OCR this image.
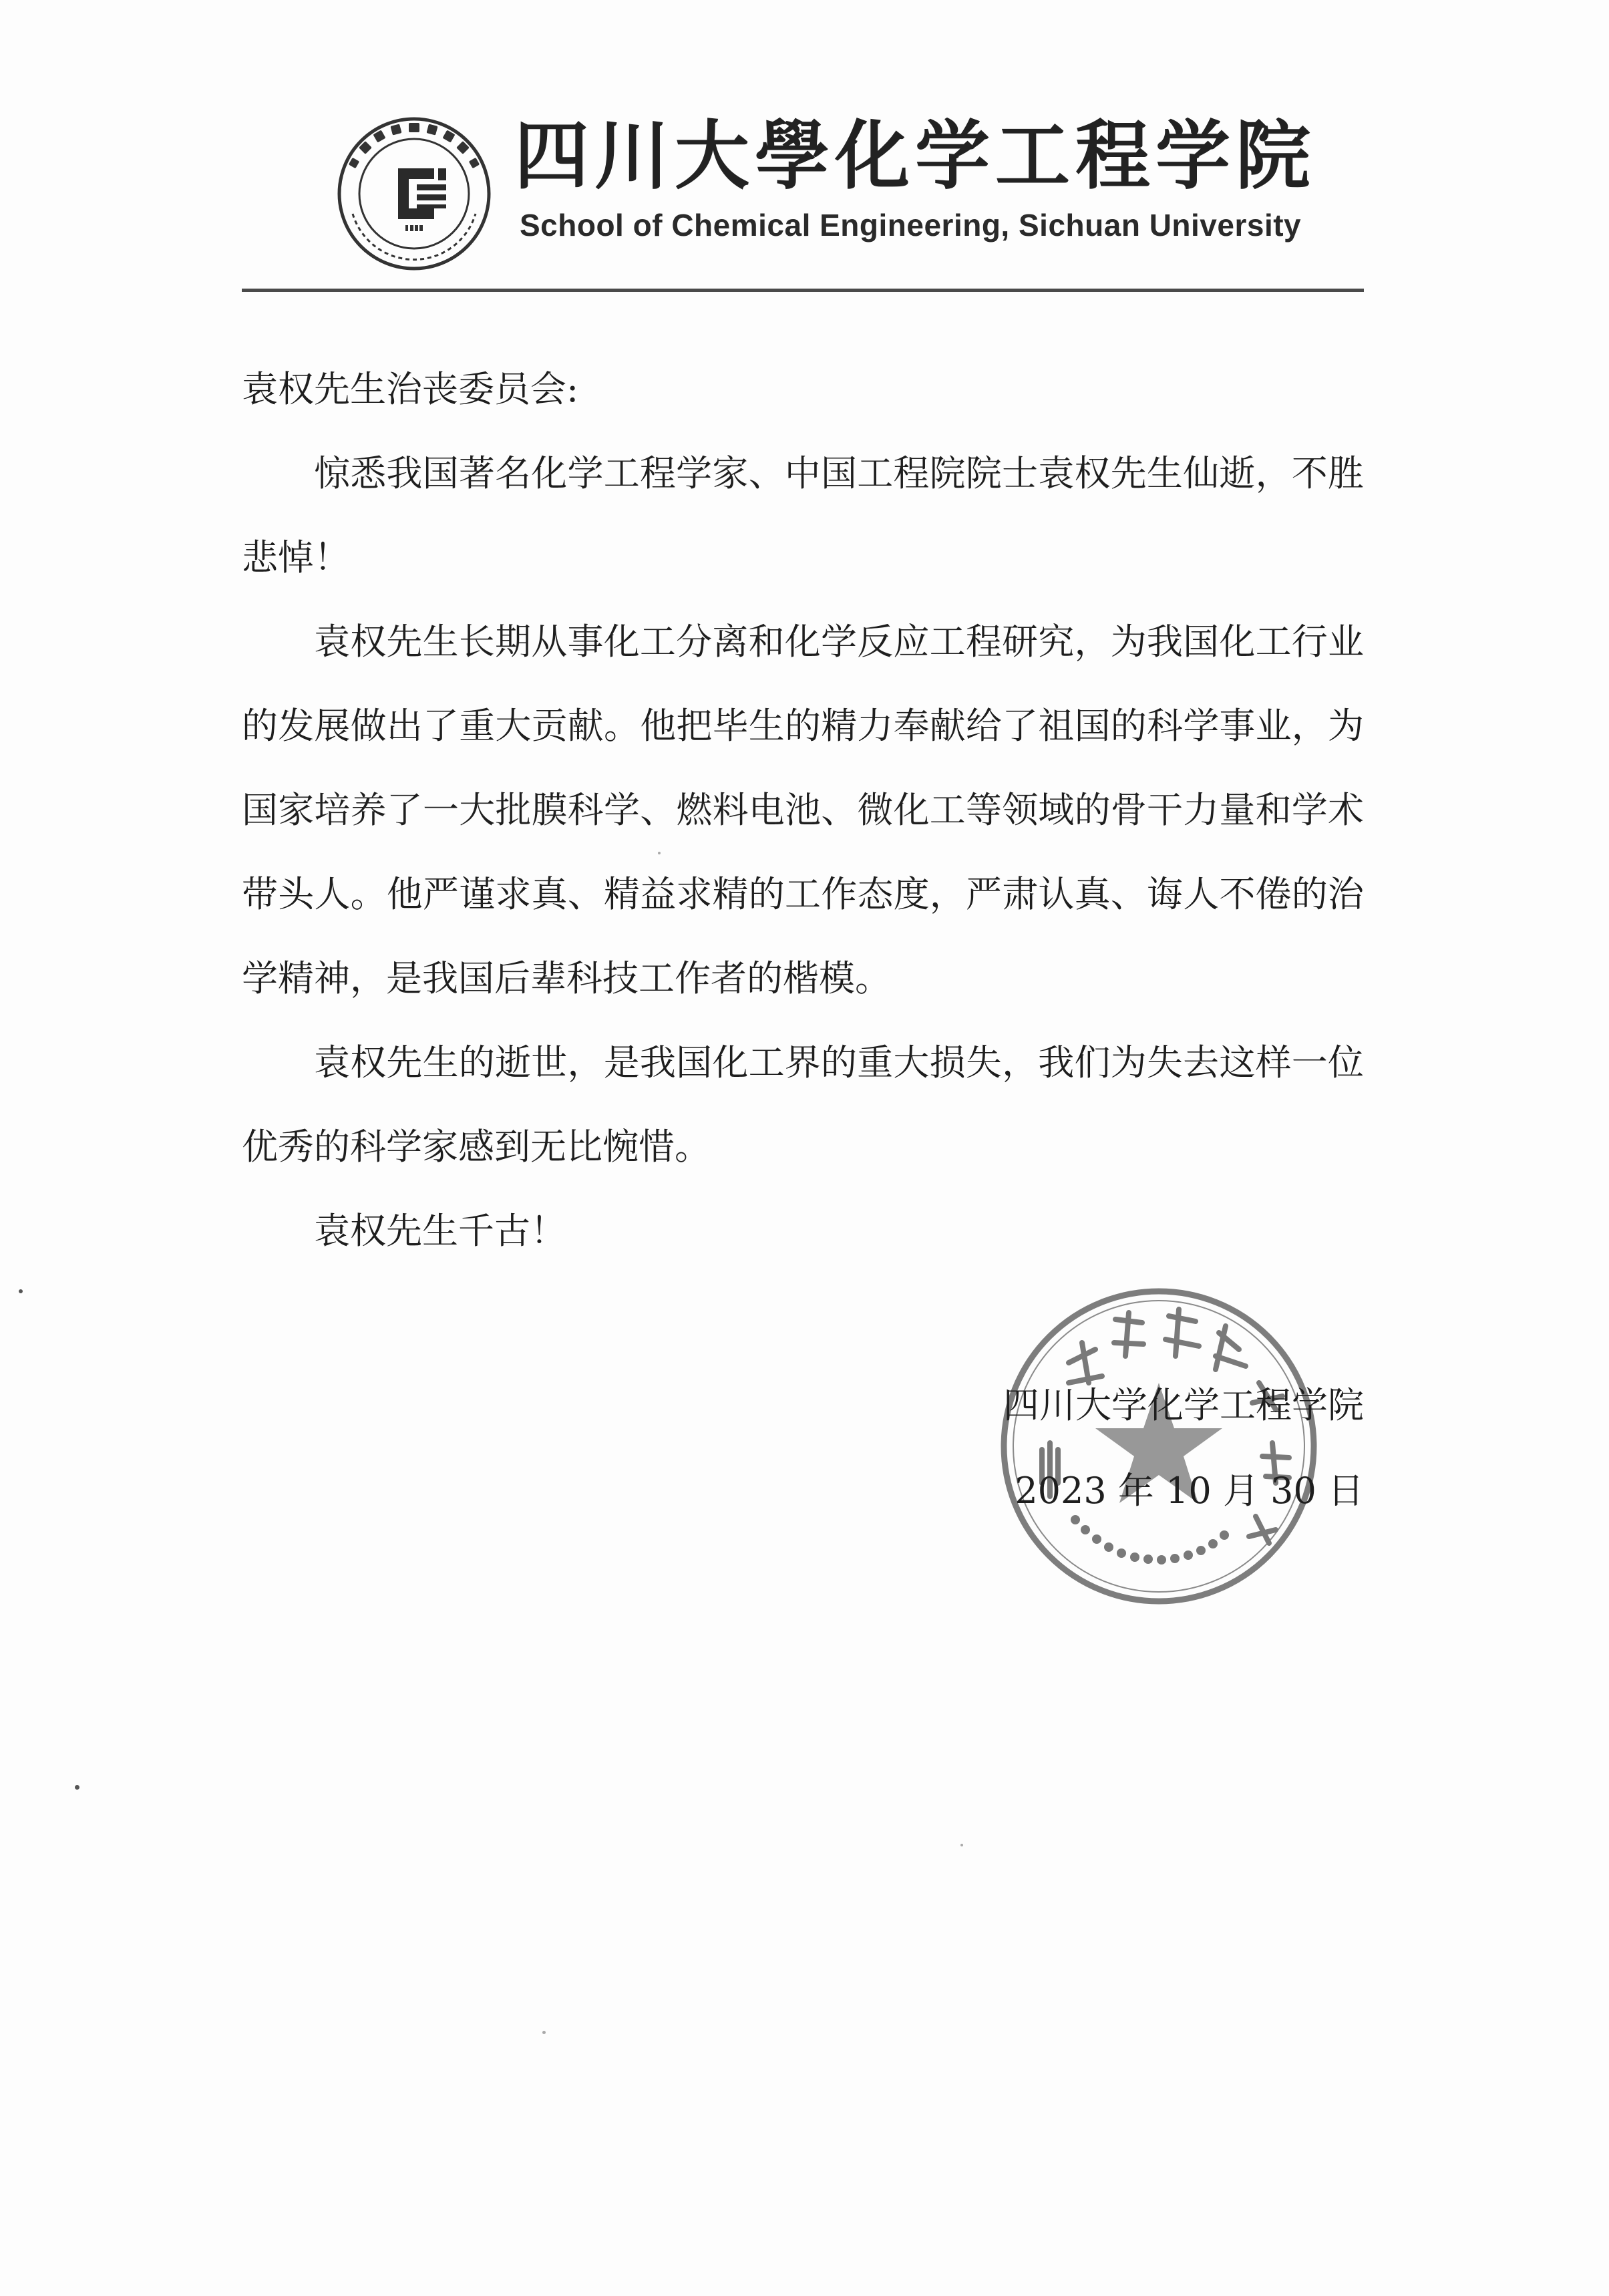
四川大學化学工程学院
School of Chemical Engineering, Sichuan University

袁权先生治丧委员会:

惊悉我国著名化学工程学家、中国工程院院士袁权先生仙逝，不胜悲悼！

袁权先生长期从事化工分离和化学反应工程研究，为我国化工行业的发展做出了重大贡献。他把毕生的精力奉献给了祖国的科学事业，为国家培养了一大批膜科学、燃料电池、微化工等领域的骨干力量和学术带头人。他严谨求真、精益求精的工作态度，严肃认真、诲人不倦的治学精神，是我国后辈科技工作者的楷模。

袁权先生的逝世，是我国化工界的重大损失，我们为失去这样一位优秀的科学家感到无比惋惜。

袁权先生千古！

四川大学化学工程学院
2023 年 10 月 30 日
